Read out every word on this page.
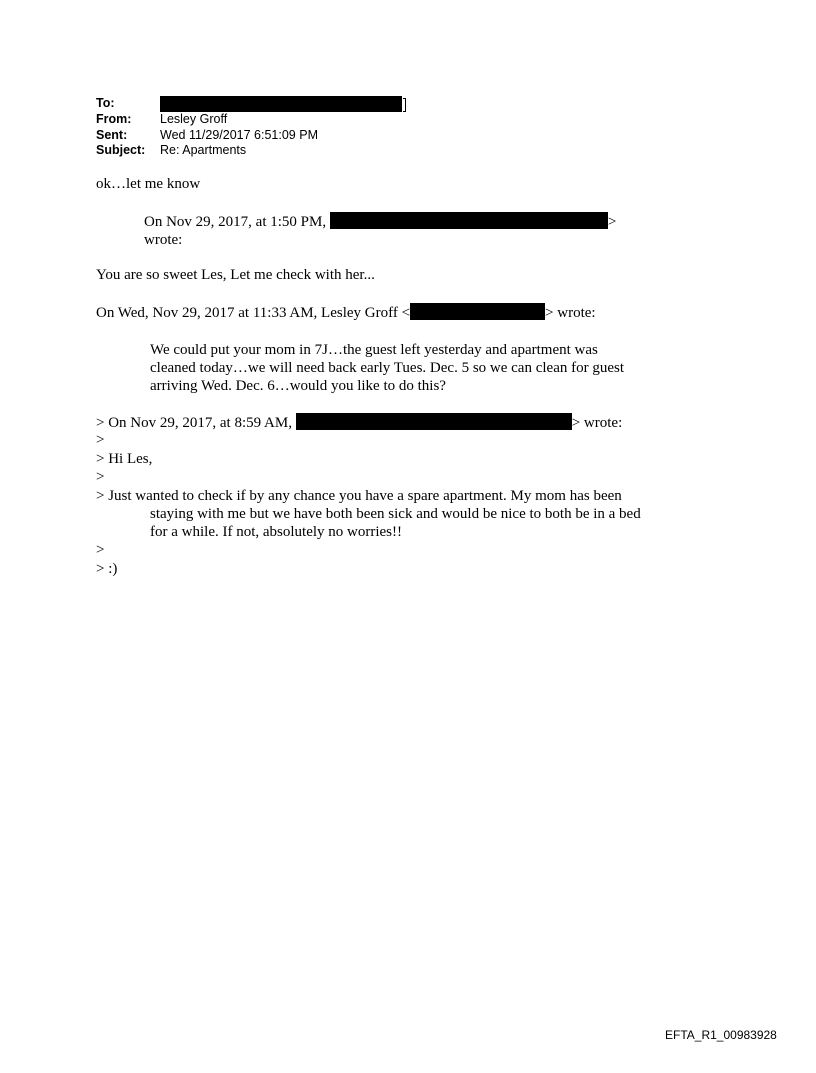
To:
From:	Lesley Groff
Sent:	Wed 11/29/2017 6:51:09 PM
Subject:	Re: Apartments
ok…let me know
On Nov 29, 2017, at 1:50 PM,	>
wrote:
You are so sweet Les, Let me check with her...
On Wed, Nov 29, 2017 at 11:33 AM, Lesley Groff <	> wrote:
We could put your mom in 7J…the guest left yesterday and apartment was
cleaned today…we will need back early Tues. Dec. 5 so we can clean for guest
arriving Wed. Dec. 6…would you like to do this?
> On Nov 29, 2017, at 8:59 AM,	> wrote:
>
> Hi Les,
>
> Just wanted to check if by any chance you have a spare apartment. My mom has been
staying with me but we have both been sick and would be nice to both be in a bed
for a while. If not, absolutely no worries!!
>
> :)
EFTA_R1_00983928
